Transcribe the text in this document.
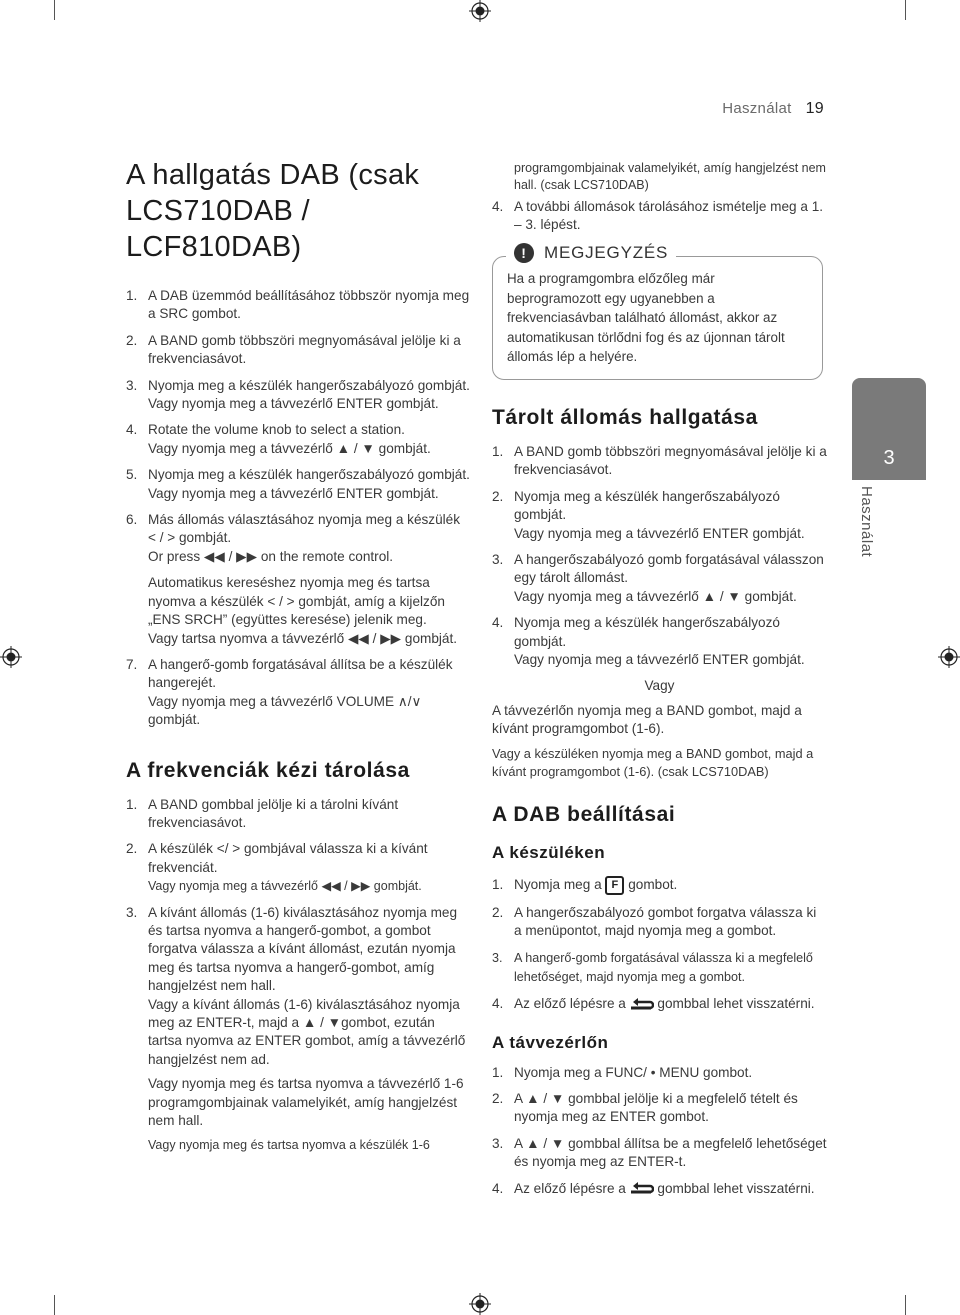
Használat 19
3
Használat
A hallgatás DAB (csak LCS710DAB / LCF810DAB)
1. A DAB üzemmód beállításához többször nyomja meg a SRC gombot.

2. A BAND gomb többszöri megnyomásával jelölje ki a frekvenciasávot.

3. Nyomja meg a készülék hangerőszabályozó gombját.

Vagy nyomja meg a távvezérlő ENTER gombját.

4. Rotate the volume knob to select a station.

Vagy nyomja meg a távvezérlő ▲ / ▼ gombját.

5. Nyomja meg a készülék hangerőszabályozó gombját.

Vagy nyomja meg a távvezérlő ENTER gombját.

6. Más állomás választásához nyomja meg a készülék < / > gombját.

Or press ◀◀ / ▶▶ on the remote control.

Automatikus kereséshez nyomja meg és tartsa nyomva a készülék < / > gombját, amíg a kijelzőn „ENS SRCH” (együttes keresése) jelenik meg.

Vagy tartsa nyomva a távvezérlő ◀◀ / ▶▶ gombját.

7. A hangerő-gomb forgatásával állítsa be a készülék hangerejét.

Vagy nyomja meg a távvezérlő VOLUME ∧/∨ gombját.

A frekvenciák kézi tárolása
1. A BAND gombbal jelölje ki a tárolni kívánt frekvenciasávot.

2. A készülék </ > gombjával válassza ki a kívánt frekvenciát.

Vagy nyomja meg a távvezérlő ◀◀ / ▶▶ gombját.

3. A kívánt állomás (1-6) kiválasztásához nyomja meg és tartsa nyomva a hangerő-gombot, a gombot forgatva válassza a kívánt állomást, ezután nyomja meg és tartsa nyomva a hangerő-gombot, amíg hangjelzést nem hall.

Vagy a kívánt állomás (1-6) kiválasztásához nyomja meg az ENTER-t, majd a ▲ / ▼gombot, ezután tartsa nyomva az ENTER gombot, amíg a távvezérlő hangjelzést nem ad.

Vagy nyomja meg és tartsa nyomva a távvezérlő 1-6 programgombjainak valamelyikét, amíg hangjelzést nem hall.

Vagy nyomja meg és tartsa nyomva a készülék 1-6

programgombjainak valamelyikét, amíg hangjelzést nem hall. (csak LCS710DAB)

4. A további állomások tárolásához ismételje meg a 1. – 3. lépést.

!	MEGJEGYZÉS

Ha a programgombra előzőleg már beprogramozott egy ugyanebben a frekvenciasávban található állomást, akkor az automatikusan törlődni fog és az újonnan tárolt állomás lép a helyére.

Tárolt állomás hallgatása
1. A BAND gomb többszöri megnyomásával jelölje ki a frekvenciasávot.

2. Nyomja meg a készülék hangerőszabályozó gombját.

Vagy nyomja meg a távvezérlő ENTER gombját.

3. A hangerőszabályozó gomb forgatásával válasszon egy tárolt állomást.

Vagy nyomja meg a távvezérlő ▲ / ▼ gombját.

4. Nyomja meg a készülék hangerőszabályozó gombját.

Vagy nyomja meg a távvezérlő ENTER gombját.

Vagy

A távvezérlőn nyomja meg a BAND gombot, majd a kívánt programgombot (1-6).

Vagy a készüléken nyomja meg a BAND gombot, majd a kívánt programgombot (1-6). (csak LCS710DAB)

A DAB beállításai
A készüléken
1. Nyomja meg a F gombot.
2. A hangerőszabályozó gombot forgatva válassza ki a menüpontot, majd nyomja meg a gombot.

3. A hangerő-gomb forgatásával válassza ki a megfelelő lehetőséget, majd nyomja meg a gombot.

4. Az előző lépésre a gombbal lehet visszatérni.
A távvezérlőn
1. Nyomja meg a FUNC/ • MENU gombot.

2. A ▲ / ▼ gombbal jelölje ki a megfelelő tételt és nyomja meg az ENTER gombot.

3. A ▲ / ▼ gombbal állítsa be a megfelelő lehetőséget és nyomja meg az ENTER-t.

4. Az előző lépésre a gombbal lehet visszatérni.
